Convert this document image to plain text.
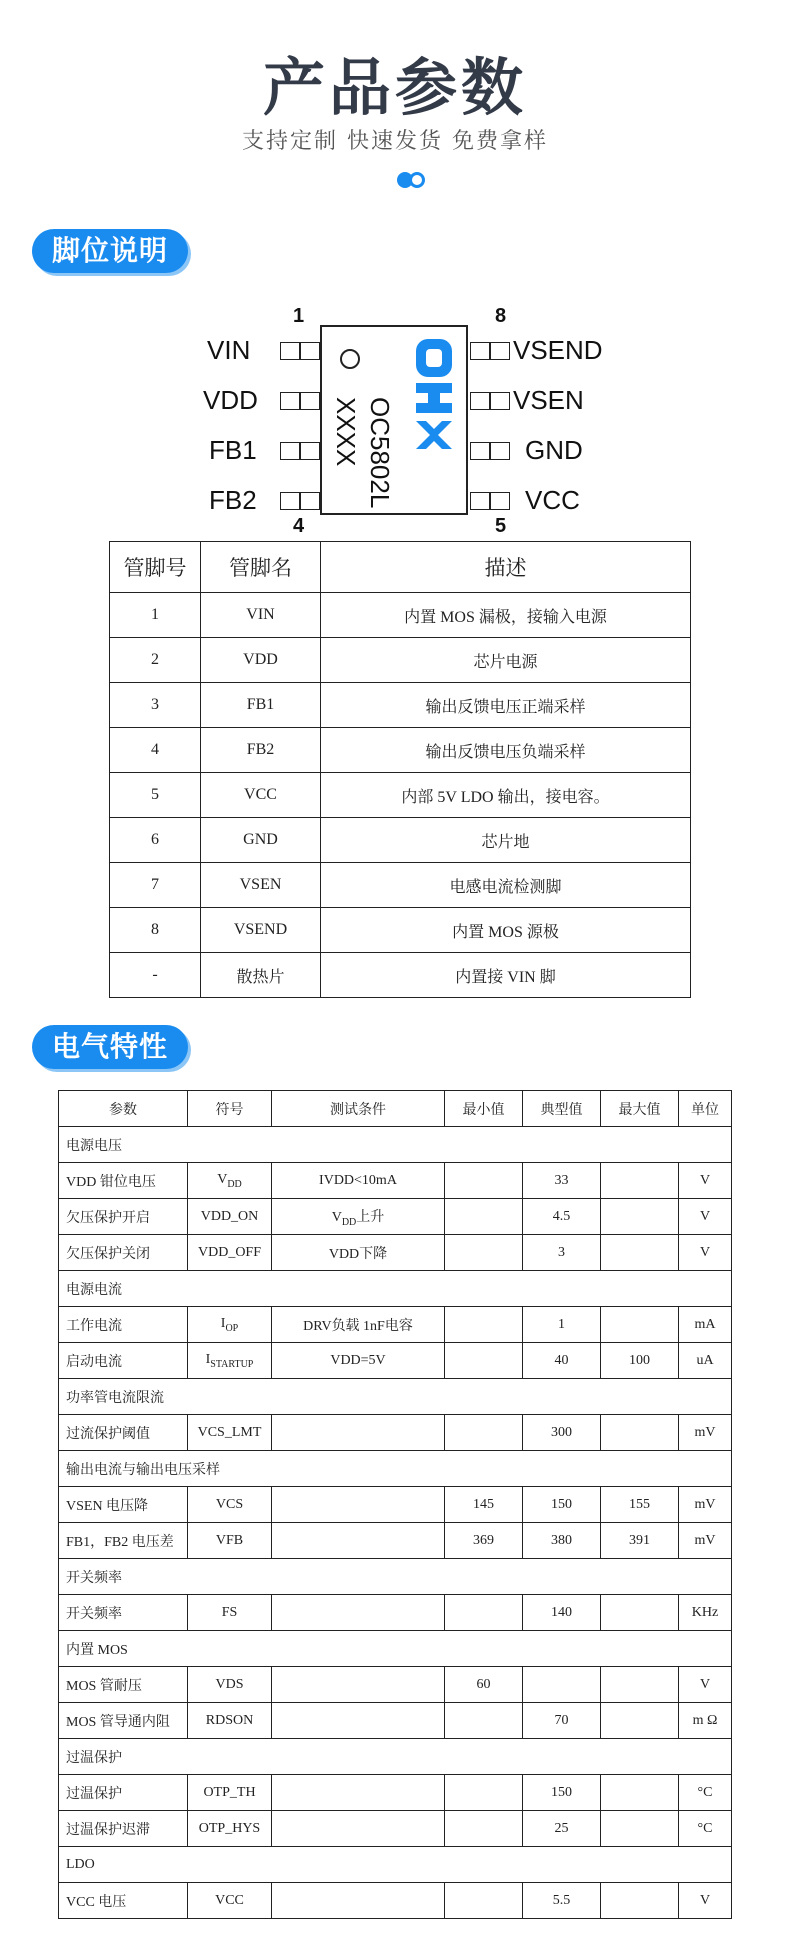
产品参数
支持定制 快速发货 免费拿样
脚位说明
1
4
VIN
VDD
FB1
FB2	OC5802L
XXXX
8
5
VSEND
VSEN
GND
VCC
管脚号	管脚名	描述
1	VIN	内置 MOS 漏极，接输入电源
2	VDD	芯片电源
3	FB1	输出反馈电压正端采样
4	FB2	输出反馈电压负端采样
5	VCC	内部 5V LDO 输出，接电容。
6	GND	芯片地
7	VSEN	电感电流检测脚
8	VSEND	内置 MOS 源极
-	散热片	内置接 VIN 脚
电气特性
参数	符号	测试条件	最小值	典型值	最大值	单位
电源电压						
VDD 钳位电压	$V_{DD}$	IVDD<10mA		33		V
欠压保护开启	VDD_ON	$V_{DD}$上升		4.5		V
欠压保护关闭	VDD_OFF	VDD下降		3		V
电源电流						
工作电流	$I_{OP}$	DRV负载 1nF电容		1		mA
启动电流	$I_{STARTUP}$	VDD=5V		40	100	uA
功率管电流限流						
过流保护阈值	VCS_LMT			300		mV
输出电流与输出电压采样						
VSEN 电压降	VCS		145	150	155	mV
FB1，FB2 电压差	VFB		369	380	391	mV
开关频率						
开关频率	FS			140		KHz
内置 MOS						
MOS 管耐压	VDS		60			V
MOS 管导通内阻	RDSON			70		m Ω
过温保护						
过温保护	OTP_TH			150		°C
过温保护迟滞	OTP_HYS			25		°C
LDO						
VCC 电压	VCC			5.5		V
